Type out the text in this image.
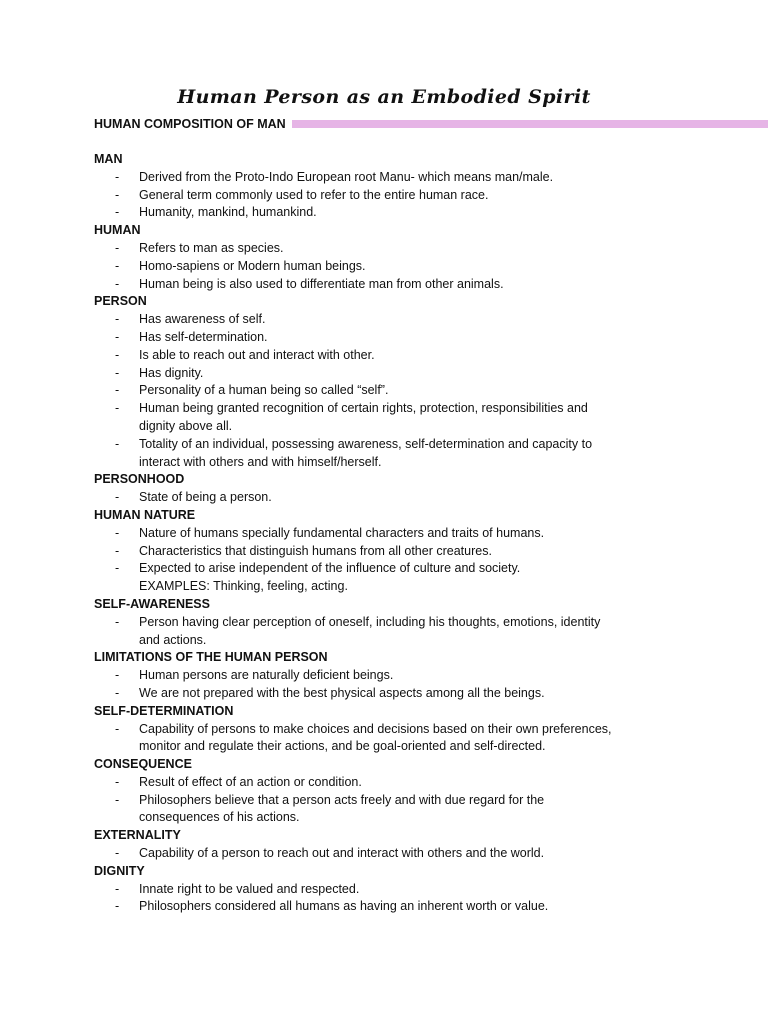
Human Person as an Embodied Spirit
HUMAN COMPOSITION OF MAN
MAN
- Derived from the Proto-Indo European root Manu- which means man/male.
- General term commonly used to refer to the entire human race.
- Humanity, mankind, humankind.
HUMAN
- Refers to man as species.
- Homo-sapiens or Modern human beings.
- Human being is also used to differentiate man from other animals.
PERSON
- Has awareness of self.
- Has self-determination.
- Is able to reach out and interact with other.
- Has dignity.
- Personality of a human being so called “self”.
- Human being granted recognition of certain rights, protection, responsibilities and
dignity above all.
- Totality of an individual, possessing awareness, self-determination and capacity to
interact with others and with himself/herself.
PERSONHOOD
- State of being a person.
HUMAN NATURE
- Nature of humans specially fundamental characters and traits of humans.
- Characteristics that distinguish humans from all other creatures.
- Expected to arise independent of the influence of culture and society.
EXAMPLES: Thinking, feeling, acting.
SELF-AWARENESS
- Person having clear perception of oneself, including his thoughts, emotions, identity
and actions.
LIMITATIONS OF THE HUMAN PERSON
- Human persons are naturally deficient beings.
- We are not prepared with the best physical aspects among all the beings.
SELF-DETERMINATION
- Capability of persons to make choices and decisions based on their own preferences,
monitor and regulate their actions, and be goal-oriented and self-directed.
CONSEQUENCE
- Result of effect of an action or condition.
- Philosophers believe that a person acts freely and with due regard for the
consequences of his actions.
EXTERNALITY
- Capability of a person to reach out and interact with others and the world.
DIGNITY
- Innate right to be valued and respected.
- Philosophers considered all humans as having an inherent worth or value.
